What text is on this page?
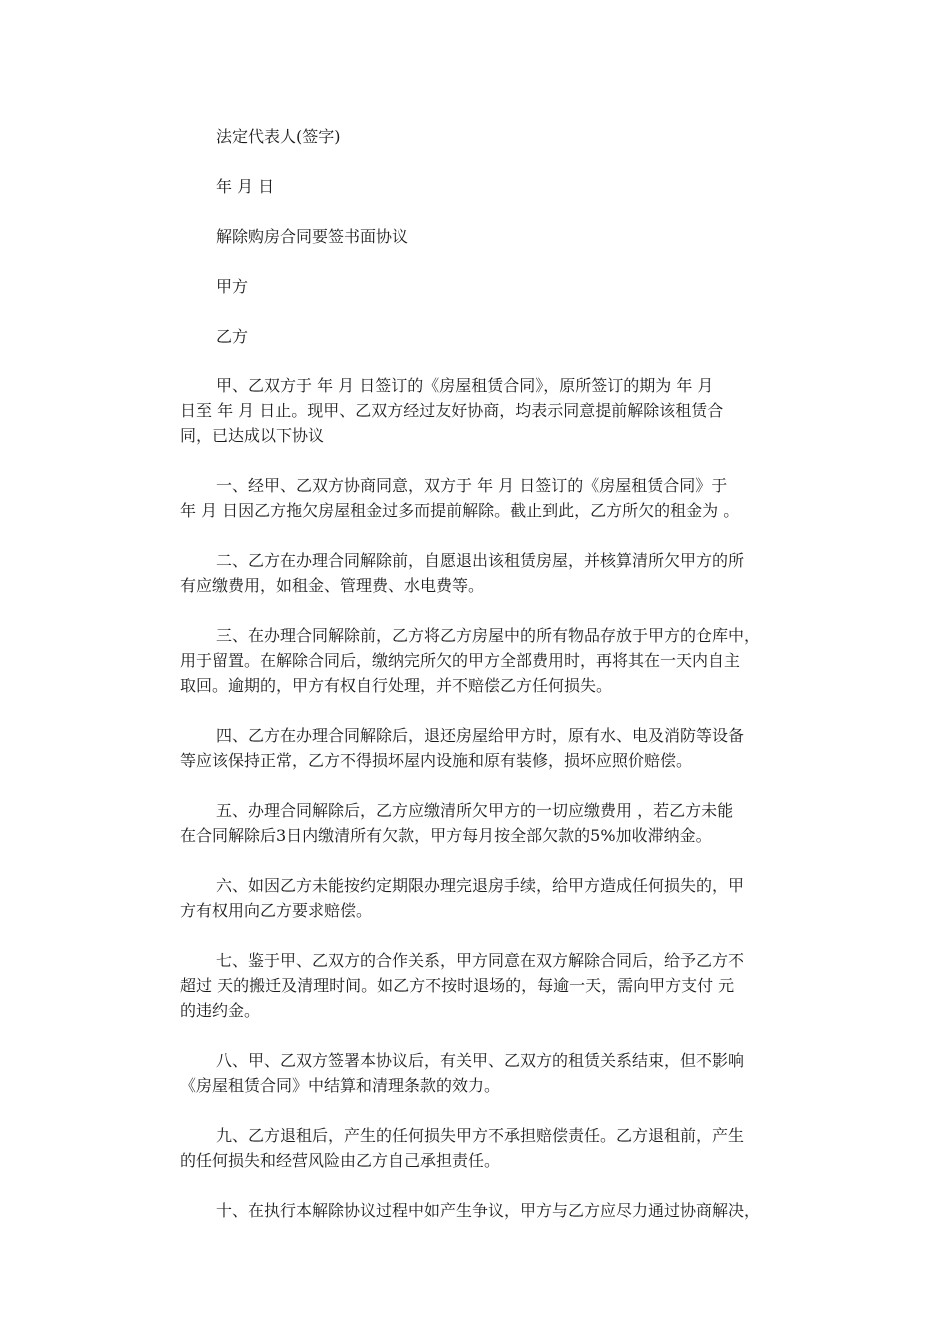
法定代表人(签字)
年 月 日
解除购房合同要签书面协议
甲方
乙方
甲、乙双方于 年 月 日签订的《房屋租赁合同》，原所签订的期为 年 月
日至 年 月 日止。现甲、乙双方经过友好协商，均表示同意提前解除该租赁合
同，已达成以下协议
一、经甲、乙双方协商同意，双方于 年 月 日签订的《房屋租赁合同》于
年 月 日因乙方拖欠房屋租金过多而提前解除。截止到此，乙方所欠的租金为 。
二、乙方在办理合同解除前，自愿退出该租赁房屋，并核算清所欠甲方的所
有应缴费用，如租金、管理费、水电费等。
三、在办理合同解除前，乙方将乙方房屋中的所有物品存放于甲方的仓库中，
用于留置。在解除合同后，缴纳完所欠的甲方全部费用时，再将其在一天内自主
取回。逾期的，甲方有权自行处理，并不赔偿乙方任何损失。
四、乙方在办理合同解除后，退还房屋给甲方时，原有水、电及消防等设备
等应该保持正常，乙方不得损坏屋内设施和原有装修，损坏应照价赔偿。
五、办理合同解除后，乙方应缴清所欠甲方的一切应缴费用 ，若乙方未能
在合同解除后3日内缴清所有欠款，甲方每月按全部欠款的5%加收滞纳金。
六、如因乙方未能按约定期限办理完退房手续，给甲方造成任何损失的，甲
方有权用向乙方要求赔偿。
七、鉴于甲、乙双方的合作关系，甲方同意在双方解除合同后，给予乙方不
超过 天的搬迁及清理时间。如乙方不按时退场的，每逾一天，需向甲方支付 元
的违约金。
八、甲、乙双方签署本协议后，有关甲、乙双方的租赁关系结束，但不影响
《房屋租赁合同》中结算和清理条款的效力。
九、乙方退租后，产生的任何损失甲方不承担赔偿责任。乙方退租前，产生
的任何损失和经营风险由乙方自己承担责任。
十、在执行本解除协议过程中如产生争议，甲方与乙方应尽力通过协商解决，
